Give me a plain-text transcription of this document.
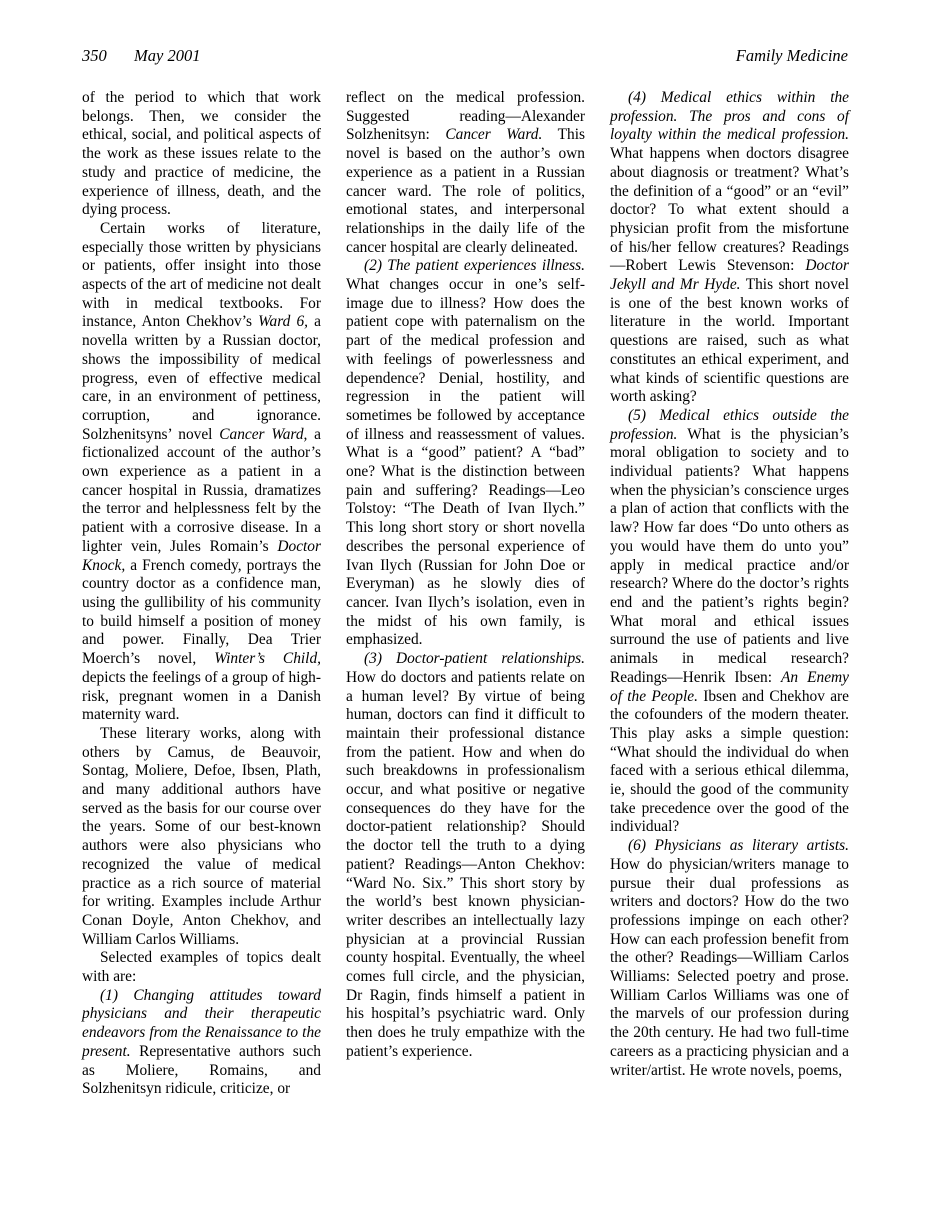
350 May 2001	Family Medicine

of the period to which that work belongs. Then, we consider the ethical, social, and political aspects of the work as these issues relate to the study and practice of medicine, the experience of illness, death, and the dying process.

Certain works of literature, especially those written by physicians or patients, offer insight into those aspects of the art of medicine not dealt with in medical textbooks. For instance, Anton Chekhov’s Ward 6, a novella written by a Russian doctor, shows the impossibility of medical progress, even of effective medical care, in an environment of pettiness, corruption, and ignorance. Solzhenitsyns’ novel Cancer Ward, a fictionalized account of the author’s own experience as a patient in a cancer hospital in Russia, dramatizes the terror and helplessness felt by the patient with a corrosive disease. In a lighter vein, Jules Romain’s Doctor Knock, a French comedy, portrays the country doctor as a confidence man, using the gullibility of his community to build himself a position of money and power. Finally, Dea Trier Moerch’s novel, Winter’s Child, depicts the feelings of a group of high-risk, pregnant women in a Danish maternity ward.

These literary works, along with others by Camus, de Beauvoir, Sontag, Moliere, Defoe, Ibsen, Plath, and many additional authors have served as the basis for our course over the years. Some of our best-known authors were also physicians who recognized the value of medical practice as a rich source of material for writing. Examples include Arthur Conan Doyle, Anton Chekhov, and William Carlos Williams.

Selected examples of topics dealt with are:

(1) Changing attitudes toward physicians and their therapeutic endeavors from the Renaissance to the present. Representative authors such as Moliere, Romains, and Solzhenitsyn ridicule, criticize, or

reflect on the medical profession. Suggested reading—Alexander Solzhenitsyn: Cancer Ward. This novel is based on the author’s own experience as a patient in a Russian cancer ward. The role of politics, emotional states, and interpersonal relationships in the daily life of the cancer hospital are clearly delineated.

(2) The patient experiences illness. What changes occur in one’s self-image due to illness? How does the patient cope with paternalism on the part of the medical profession and with feelings of powerlessness and dependence? Denial, hostility, and regression in the patient will sometimes be followed by acceptance of illness and reassessment of values. What is a “good” patient? A “bad” one? What is the distinction between pain and suffering? Readings—Leo Tolstoy: “The Death of Ivan Ilych.” This long short story or short novella describes the personal experience of Ivan Ilych (Russian for John Doe or Everyman) as he slowly dies of cancer. Ivan Ilych’s isolation, even in the midst of his own family, is emphasized.

(3) Doctor-patient relationships. How do doctors and patients relate on a human level? By virtue of being human, doctors can find it difficult to maintain their professional distance from the patient. How and when do such breakdowns in professionalism occur, and what positive or negative consequences do they have for the doctor-patient relationship? Should the doctor tell the truth to a dying patient? Readings—Anton Chekhov: “Ward No. Six.” This short story by the world’s best known physician-writer describes an intellectually lazy physician at a provincial Russian county hospital. Eventually, the wheel comes full circle, and the physician, Dr Ragin, finds himself a patient in his hospital’s psychiatric ward. Only then does he truly empathize with the patient’s experience.

(4) Medical ethics within the profession. The pros and cons of loyalty within the medical profession. What happens when doctors disagree about diagnosis or treatment? What’s the definition of a “good” or an “evil” doctor? To what extent should a physician profit from the misfortune of his/her fellow creatures? Readings—Robert Lewis Stevenson: Doctor Jekyll and Mr Hyde. This short novel is one of the best known works of literature in the world. Important questions are raised, such as what constitutes an ethical experiment, and what kinds of scientific questions are worth asking?

(5) Medical ethics outside the profession. What is the physician’s moral obligation to society and to individual patients? What happens when the physician’s conscience urges a plan of action that conflicts with the law? How far does “Do unto others as you would have them do unto you” apply in medical practice and/or research? Where do the doctor’s rights end and the patient’s rights begin? What moral and ethical issues surround the use of patients and live animals in medical research? Readings—Henrik Ibsen: An Enemy of the People. Ibsen and Chekhov are the cofounders of the modern theater. This play asks a simple question: “What should the individual do when faced with a serious ethical dilemma, ie, should the good of the community take precedence over the good of the individual?

(6) Physicians as literary artists. How do physician/writers manage to pursue their dual professions as writers and doctors? How do the two professions impinge on each other? How can each profession benefit from the other? Readings—William Carlos Williams: Selected poetry and prose. William Carlos Williams was one of the marvels of our profession during the 20th century. He had two full-time careers as a practicing physician and a writer/artist. He wrote novels, poems,
